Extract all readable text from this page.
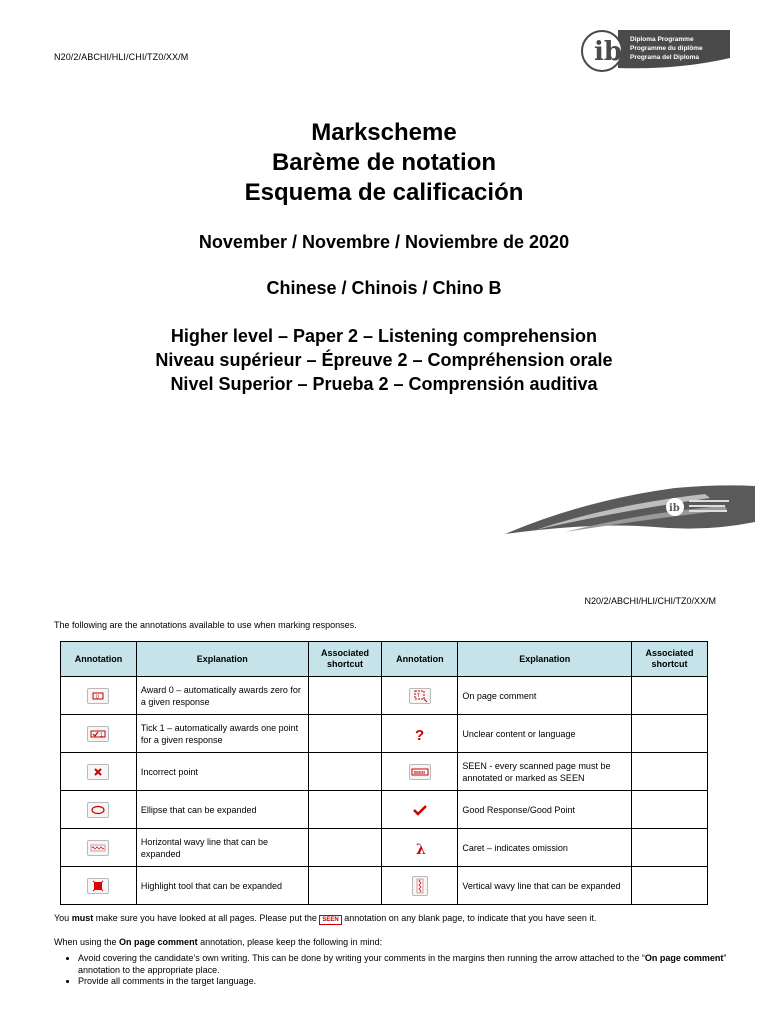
N20/2/ABCHI/HLI/CHI/TZ0/XX/M	ib Diploma Programme
Programme du diplôme
Programa del Diploma
Markscheme
Barème de notation
Esquema de calificación
November / Novembre / Noviembre de 2020
Chinese / Chinois / Chino B
Higher level – Paper 2 – Listening comprehension
Niveau supérieur – Épreuve 2 – Compréhension orale
Nivel Superior – Prueba 2 – Comprensión auditiva
ib
N20/2/ABCHI/HLI/CHI/TZ0/XX/M
The following are the annotations available to use when marking responses.
Annotation	Explanation	Associated shortcut	Annotation	Explanation	Associated shortcut

0	Award 0 – automatically awards zero for a given response		T	On page comment	

1	Tick 1 – automatically awards one point for a given response		?	Unclear content or language	

	Incorrect point		SEEN	SEEN - every scanned page must be annotated or marked as SEEN	

	Ellipse that can be expanded			Good Response/Good Point	

	Horizontal wavy line that can be expanded		λ	Caret – indicates omission	

	Highlight tool that can be expanded			Vertical wavy line that can be expanded	
You must make sure you have looked at all pages. Please put the SEEN annotation on any blank page, to indicate that you have seen it.
When using the On page comment annotation, please keep the following in mind:
• Avoid covering the candidate’s own writing. This can be done by writing your comments in the margins then running the arrow attached to the “On page comment” annotation to the appropriate place.
• Provide all comments in the target language.
